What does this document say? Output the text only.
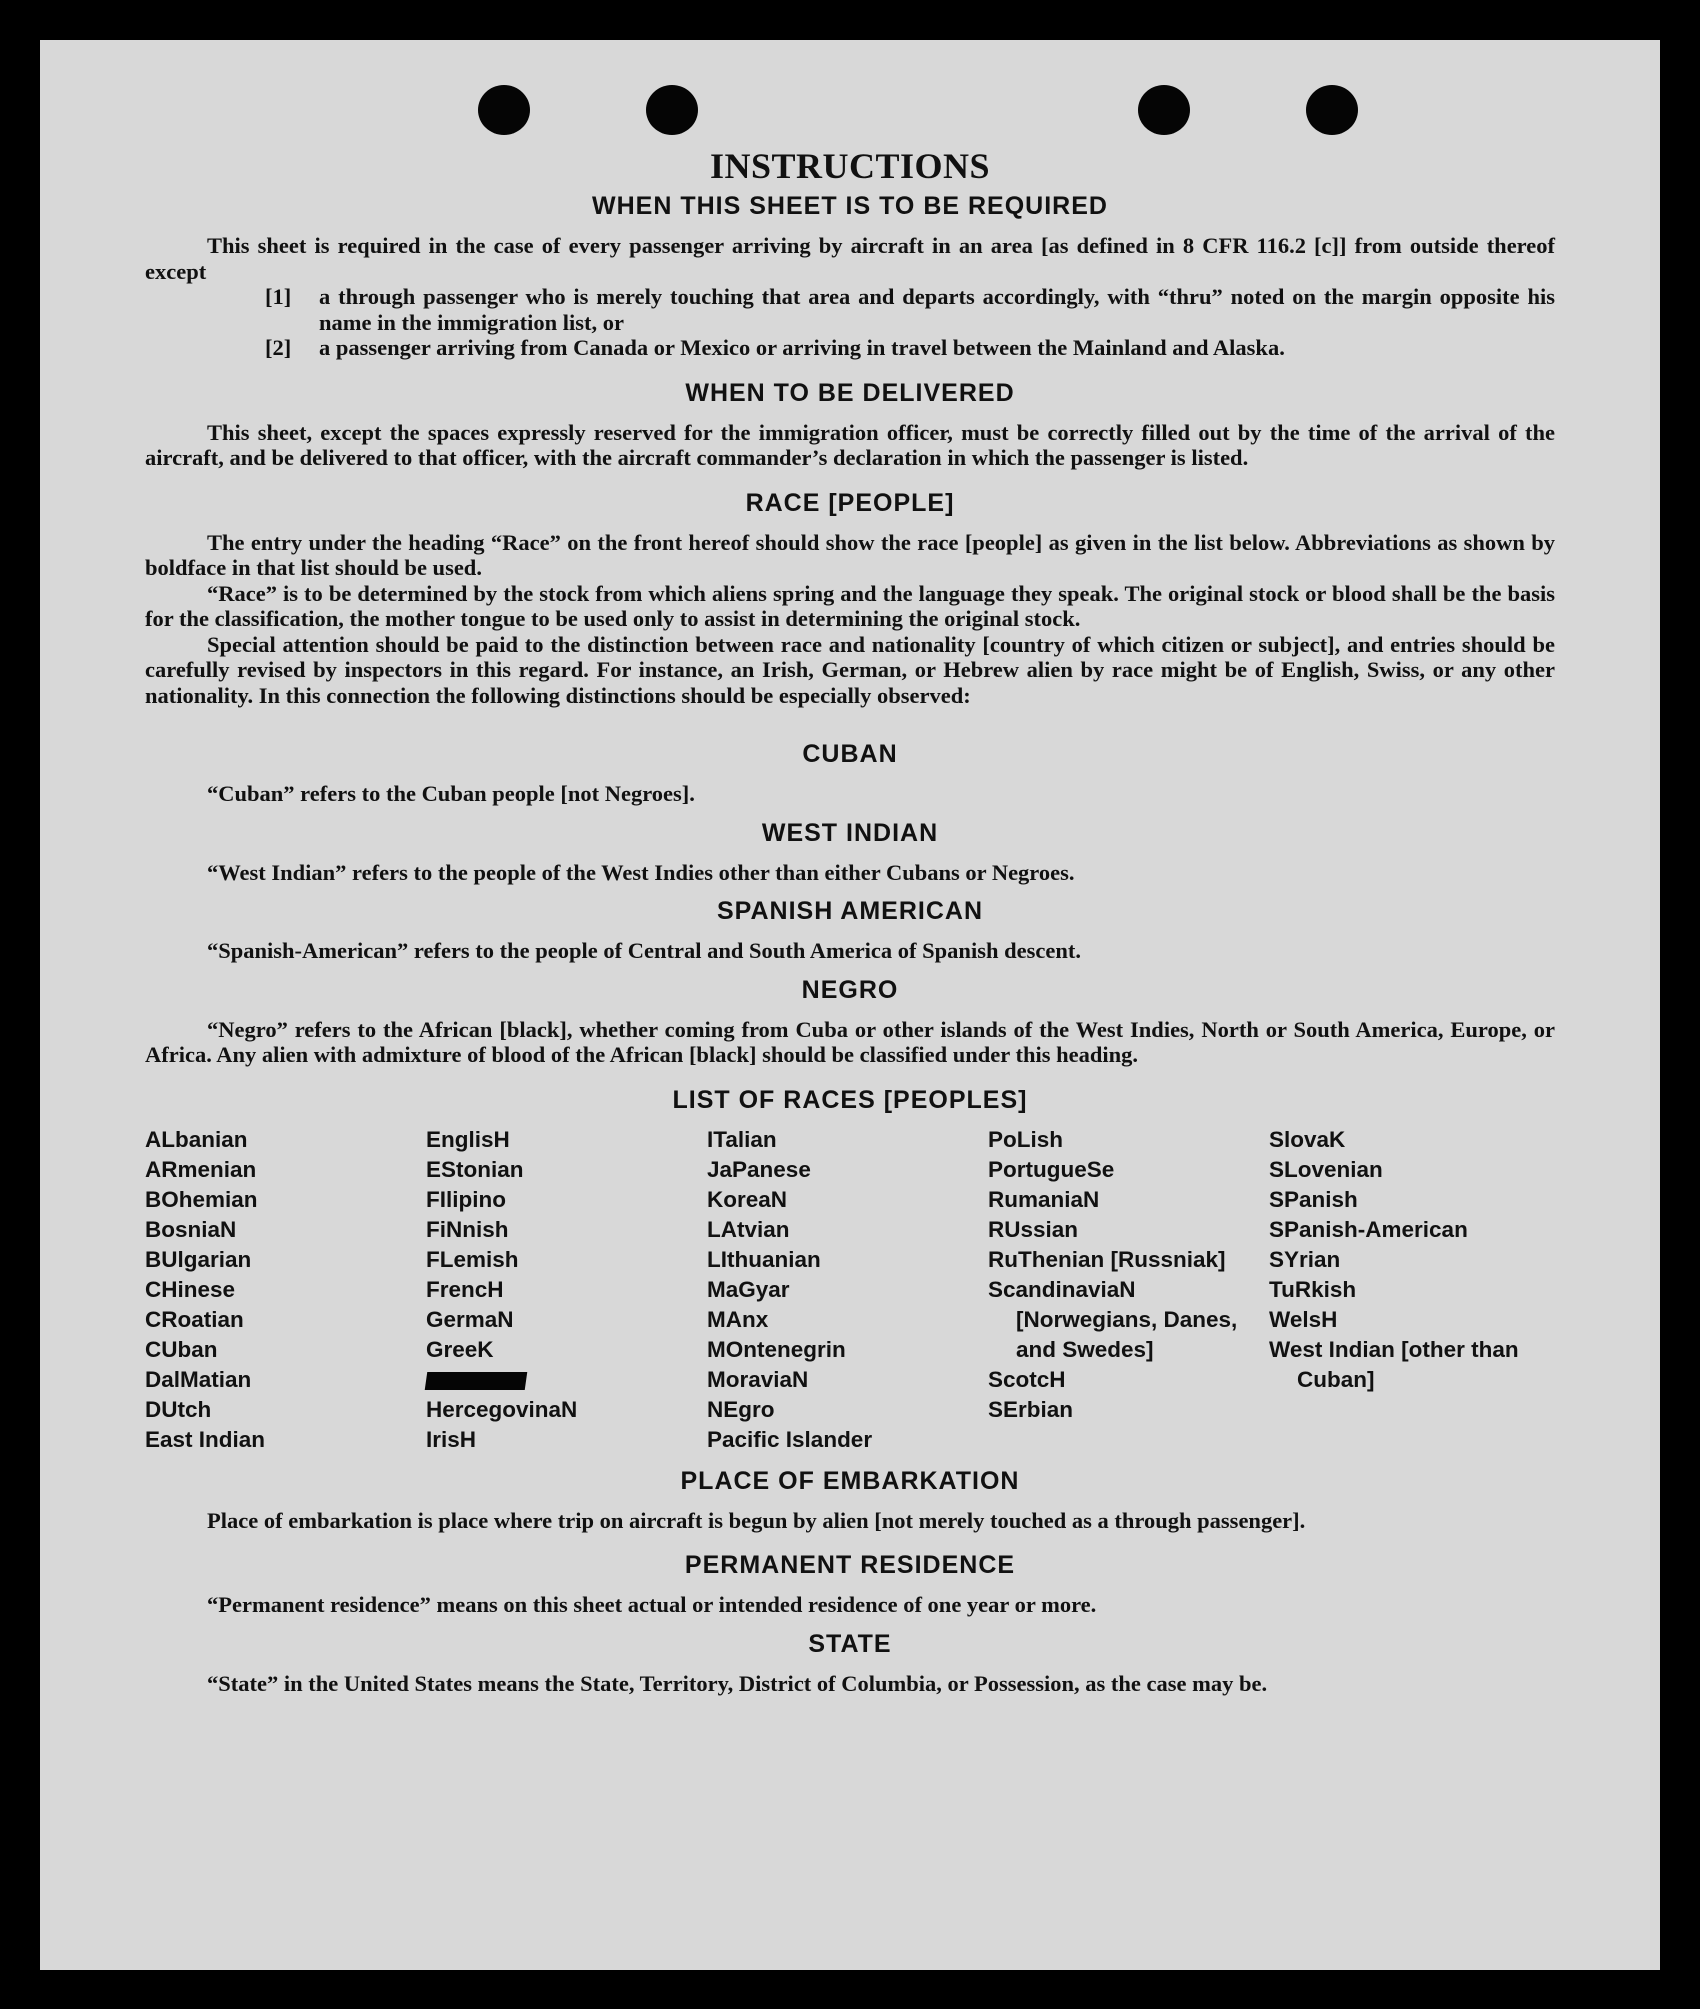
INSTRUCTIONS
WHEN THIS SHEET IS TO BE REQUIRED

This sheet is required in the case of every passenger arriving by aircraft in an area [as defined in 8 CFR 116.2 [c]] from outside thereof except

[1]	a through passenger who is merely touching that area and departs accordingly, with “thru” noted on the margin opposite his name in the immigration list, or
[2]	a passenger arriving from Canada or Mexico or arriving in travel between the Mainland and Alaska.
WHEN TO BE DELIVERED

This sheet, except the spaces expressly reserved for the immigration officer, must be correctly filled out by the time of the arrival of the aircraft, and be delivered to that officer, with the aircraft commander’s declaration in which the passenger is listed.

RACE [PEOPLE]

The entry under the heading “Race” on the front hereof should show the race [people] as given in the list below. Abbreviations as shown by boldface in that list should be used.

“Race” is to be determined by the stock from which aliens spring and the language they speak. The original stock or blood shall be the basis for the classification, the mother tongue to be used only to assist in determining the original stock.

Special attention should be paid to the distinction between race and nationality [country of which citizen or subject], and entries should be carefully revised by inspectors in this regard. For instance, an Irish, German, or Hebrew alien by race might be of English, Swiss, or any other nationality. In this connection the following distinctions should be especially observed:

CUBAN

“Cuban” refers to the Cuban people [not Negroes].

WEST INDIAN

“West Indian” refers to the people of the West Indies other than either Cubans or Negroes.

SPANISH AMERICAN

“Spanish-American” refers to the people of Central and South America of Spanish descent.

NEGRO

“Negro” refers to the African [black], whether coming from Cuba or other islands of the West Indies, North or South America, Europe, or Africa. Any alien with admixture of blood of the African [black] should be classified under this heading.

LIST OF RACES [PEOPLES]
ALbanian
ARmenian
BOhemian
BosniaN
BUlgarian
CHinese
CRoatian
CUban
DalMatian
DUtch
East Indian
EnglisH
EStonian
FIlipino
FiNnish
FLemish
FrencH
GermaN
GreeK
HercegovinaN
IrisH
ITalian
JaPanese
KoreaN
LAtvian
LIthuanian
MaGyar
MAnx
MOntenegrin
MoraviaN
NEgro
Pacific Islander
PoLish
PortugueSe
RumaniaN
RUssian
RuThenian [Russniak]
ScandinaviaN [Norwegians, Danes, and Swedes]
ScotcH
SErbian
SlovaK
SLovenian
SPanish
SPanish-American
SYrian
TuRkish
WelsH
West Indian [other than Cuban]
PLACE OF EMBARKATION

Place of embarkation is place where trip on aircraft is begun by alien [not merely touched as a through passenger].

PERMANENT RESIDENCE

“Permanent residence” means on this sheet actual or intended residence of one year or more.

STATE

“State” in the United States means the State, Territory, District of Columbia, or Possession, as the case may be.
